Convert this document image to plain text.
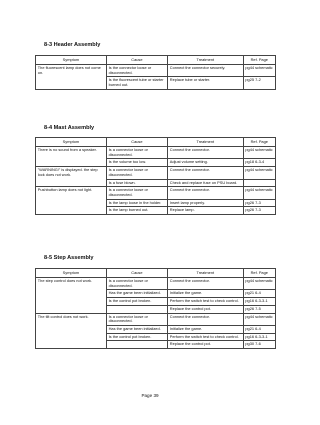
8-3 Header Assembly
Symptom	Cause	Treatment	Ref. Page
The fluorescent lamp does not come on.	Is the connector loose or disconnected.	Connect the connector securely.	pg44 schematic
	Is the fluorescent tube or starter burned out.	Replace tube or starter.	pg25 7-2
8-4 Mast Assembly
Symptom	Cause	Treatment	Ref. Page
There is no sound from a speaker.	Is a connector loose or disconnected.	Connect the connector.	pg44 schematic
	Is the volume too low.	Adjust volume setting.	pg18 6-3-4
"WARNING!" is displayed. the step lock does not work.	Is a connector loose or disconnected.	Connect the connector.	pg44 schematic
	Is a fuse blown.	Check and replace fuse on PSU board.	
Pushbutton lamp does not light.	Is a connector loose or disconnected.	Connect the connector.	pg44 schematic
	Is the lamp loose in the holder.	Insert lamp properly.	pg26 7-3
	Is the lamp burned out.	Replace lamp.	pg26 7-3
8-5 Step Assembly
Symptom	Cause	Treatment	Ref. Page
The step control does not work.	Is a connector loose or disconnected.	Connect the connector.	pg44 schematic
	Has the game been initialized.	Initialize the game.	pg21 6-4
	Is the control pot broken.	Perform the switch test to check control.	pg16 6-3-3-1
		Replace the control pot.	pg26 7-5
The tilt control does not work.	Is a connector loose or disconnected.	Connect the connector.	pg44 schematic
	Has the game been initialized.	Initialize the game.	pg21 6-4
	Is the control pot broken.	Perform the switch test to check control.	pg16 6-3-3-1
		Replace the control pot.	pg30 7-6
Page 39
